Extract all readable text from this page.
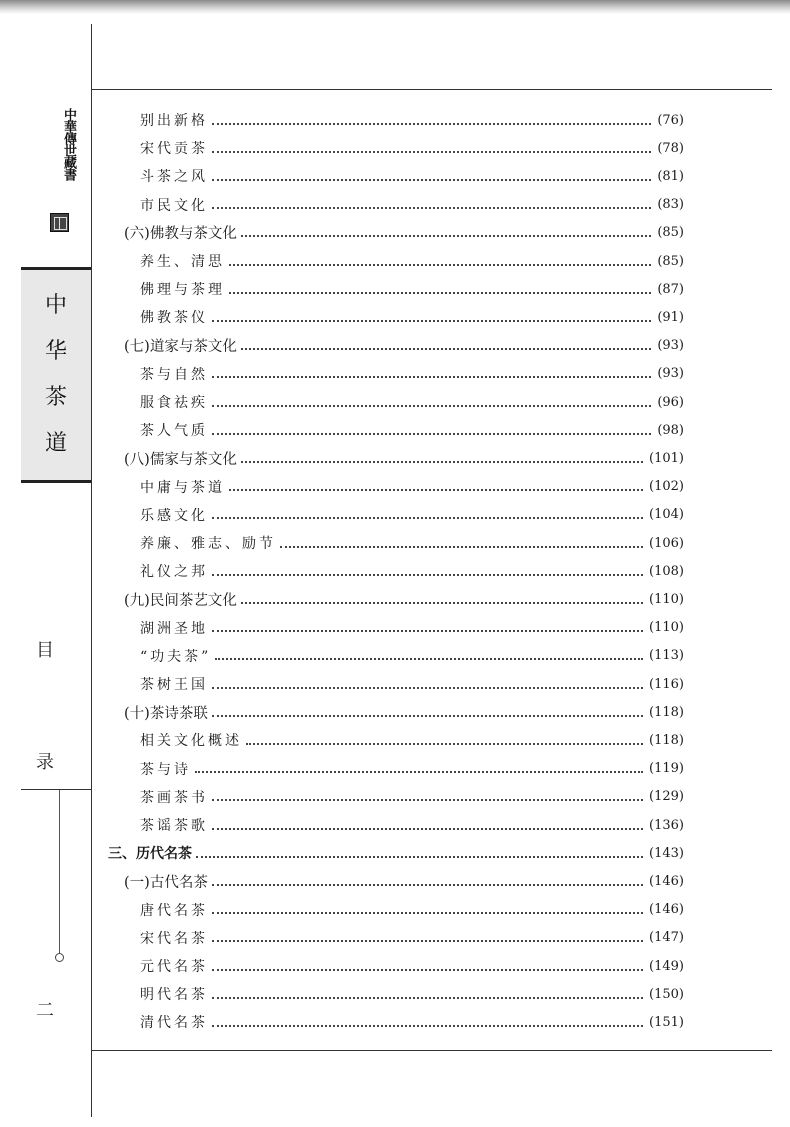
中華傳世藏書
中
华
茶
道
目
录
二
别出新格	(76)
宋代贡茶	(78)
斗茶之风	(81)
市民文化	(83)
(六)佛教与茶文化	(85)
养生、清思	(85)
佛理与茶理	(87)
佛教茶仪	(91)
(七)道家与茶文化	(93)
茶与自然	(93)
服食祛疾	(96)
茶人气质	(98)
(八)儒家与茶文化	(101)
中庸与茶道	(102)
乐感文化	(104)
养廉、雅志、励节	(106)
礼仪之邦	(108)
(九)民间茶艺文化	(110)
湖洲圣地	(110)
“功夫茶”	(113)
茶树王国	(116)
(十)茶诗茶联	(118)
相关文化概述	(118)
茶与诗	(119)
茶画茶书	(129)
茶谣茶歌	(136)
三、历代名茶	(143)
(一)古代名茶	(146)
唐代名茶	(146)
宋代名茶	(147)
元代名茶	(149)
明代名茶	(150)
清代名茶	(151)
